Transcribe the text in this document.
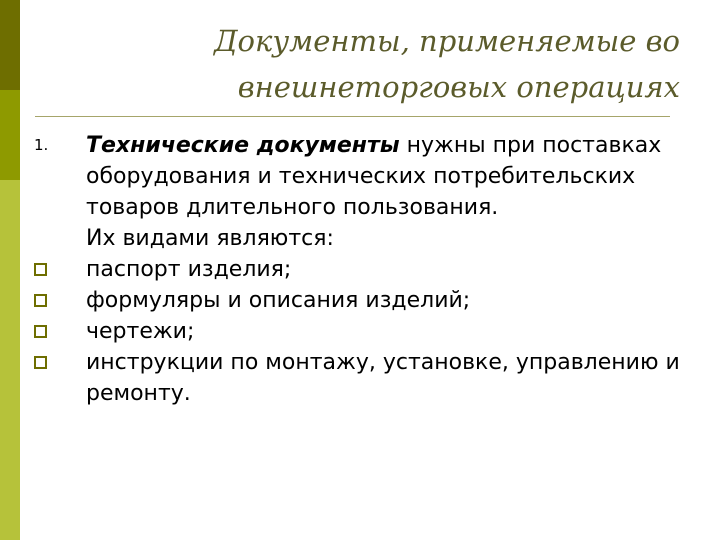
Документы, применяемые во
внешнеторговых операциях
1.	Технические документы нужны при поставках оборудования и технических потребительских товаров длительного пользования.
Их видами являются:
паспорт изделия;
формуляры и описания изделий;
чертежи;
инструкции по монтажу, установке, управлению и ремонту.
